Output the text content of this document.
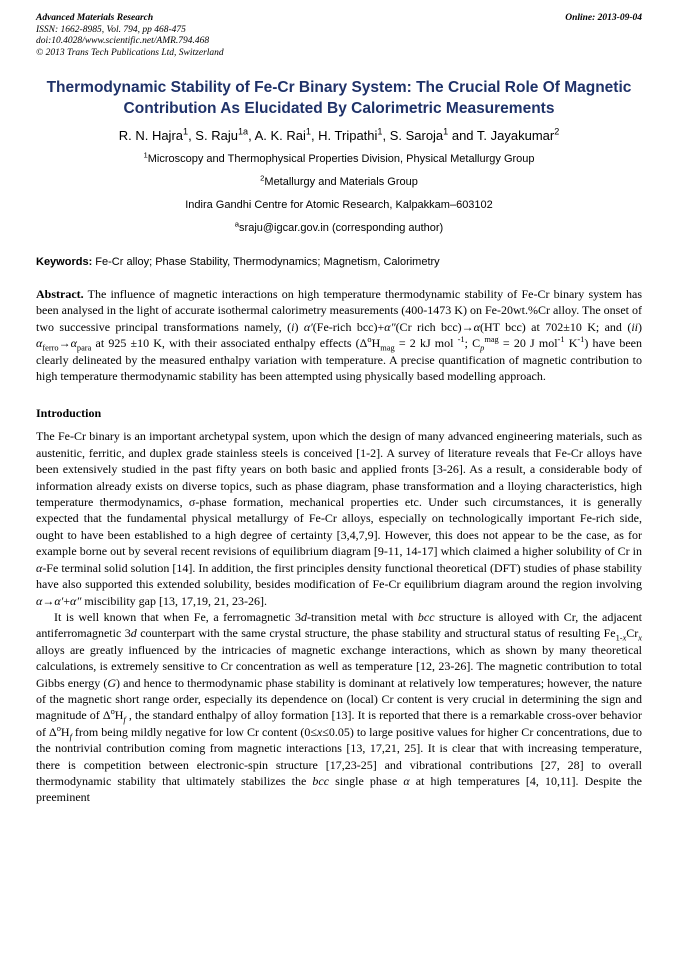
Advanced Materials Research
ISSN: 1662-8985, Vol. 794, pp 468-475
doi:10.4028/www.scientific.net/AMR.794.468
© 2013 Trans Tech Publications Ltd, Switzerland
Online: 2013-09-04
Thermodynamic Stability of Fe-Cr Binary System: The Crucial Role Of Magnetic Contribution As Elucidated By Calorimetric Measurements
R. N. Hajra$^1$, S. Raju$^{1a}$, A. K. Rai$^1$, H. Tripathi$^1$, S. Saroja$^1$ and T. Jayakumar$^2$
$^1$Microscopy and Thermophysical Properties Division, Physical Metallurgy Group
$^2$Metallurgy and Materials Group
Indira Gandhi Centre for Atomic Research, Kalpakkam–603102
$^a$sraju@igcar.gov.in (corresponding author)
Keywords: Fe-Cr alloy; Phase Stability, Thermodynamics; Magnetism, Calorimetry

Abstract. The influence of magnetic interactions on high temperature thermodynamic stability of Fe-Cr binary system has been analysed in the light of accurate isothermal calorimetry measurements (400-1473 K) on Fe-20wt.%Cr alloy. The onset of two successive principal transformations namely, (i) α′(Fe-rich bcc)+α″(Cr rich bcc)→α(HT bcc) at 702±10 K; and (ii) $\alpha_{ferro}\to\alpha_{para}$ at 925 ±10 K, with their associated enthalpy effects ($\Delta^oH_{mag} = 2$ kJ mol $^{-1}$; $C_p^{mag} = 20$ J mol$^{-1}$ $K^{-1}$) have been clearly delineated by the measured enthalpy variation with temperature. A precise quantification of magnetic contribution to high temperature thermodynamic stability has been attempted using physically based modelling approach.

Introduction

The Fe-Cr binary is an important archetypal system, upon which the design of many advanced engineering materials, such as austenitic, ferritic, and duplex grade stainless steels is conceived [1-2]. A survey of literature reveals that Fe-Cr alloys have been extensively studied in the past fifty years on both basic and applied fronts [3-26]. As a result, a considerable body of information already exists on diverse topics, such as phase diagram, phase transformation and a lloying characteristics, high temperature thermodynamics, σ-phase formation, mechanical properties etc. Under such circumstances, it is generally expected that the fundamental physical metallurgy of Fe-Cr alloys, especially on technologically important Fe-rich side, ought to have been established to a high degree of certainty [3,4,7,9]. However, this does not appear to be the case, as for example borne out by several recent revisions of equilibrium diagram [9-11, 14-17] which claimed a higher solubility of Cr in α-Fe terminal solid solution [14]. In addition, the first principles density functional theoretical (DFT) studies of phase stability have also supported this extended solubility, besides modification of Fe-Cr equilibrium diagram around the region involving α→α′+α″ miscibility gap [13, 17,19, 21, 23-26].

It is well known that when Fe, a ferromagnetic 3d-transition metal with bcc structure is alloyed with Cr, the adjacent antiferromagnetic 3d counterpart with the same crystal structure, the phase stability and structural status of resulting $Fe_{1-x}Cr_x$ alloys are greatly influenced by the intricacies of magnetic exchange interactions, which as shown by many theoretical calculations, is extremely sensitive to Cr concentration as well as temperature [12, 23-26]. The magnetic contribution to total Gibbs energy (G) and hence to thermodynamic phase stability is dominant at relatively low temperatures; however, the nature of the magnetic short range order, especially its dependence on (local) Cr content is very crucial in determining the sign and magnitude of $\Delta^oH_f$ , the standard enthalpy of alloy formation [13]. It is reported that there is a remarkable cross-over behavior of $\Delta^oH_f$ from being mildly negative for low Cr content (0≤x≤0.05) to large positive values for higher Cr concentrations, due to the nontrivial contribution coming from magnetic interactions [13, 17,21, 25]. It is clear that with increasing temperature, there is competition between electronic-spin structure [17,23-25] and vibrational contributions [27, 28] to overall thermodynamic stability that ultimately stabilizes the bcc single phase α at high temperatures [4, 10,11]. Despite the preeminent
